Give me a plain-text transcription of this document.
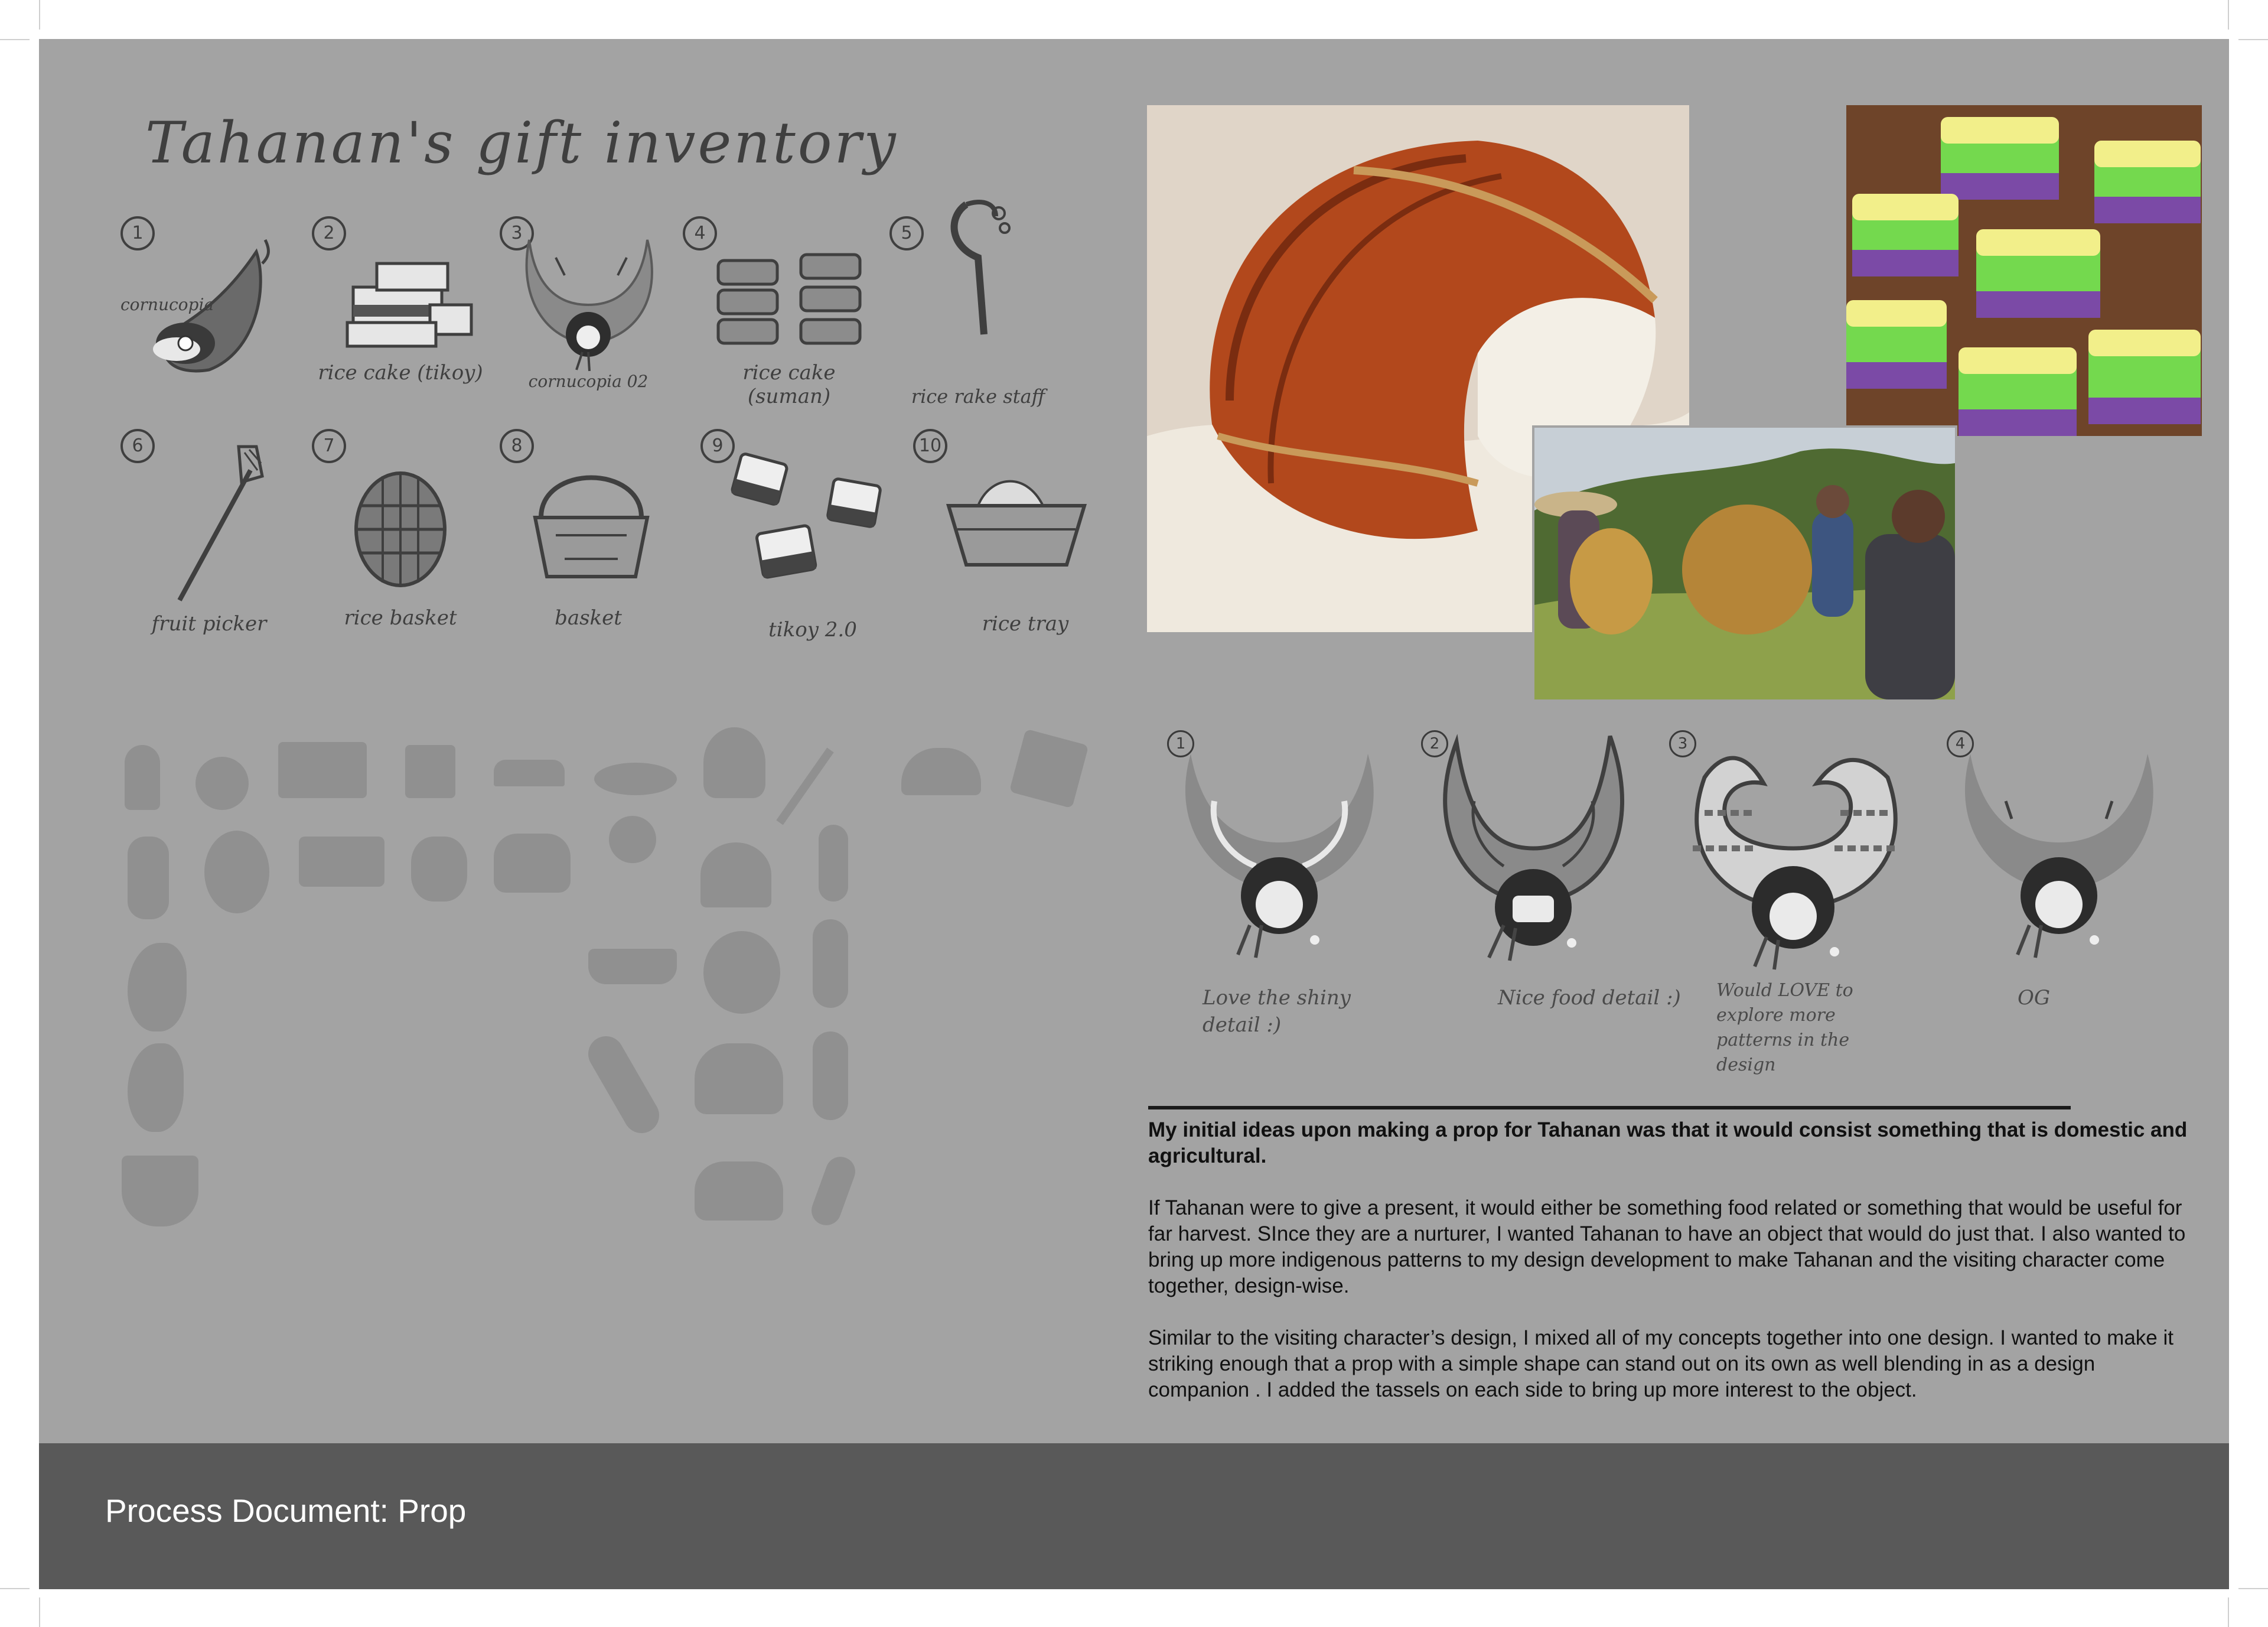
Tahanan's gift inventory
1
cornucopia
2
rice cake (tikoy)
3
cornucopia 02
4
rice cake (suman)
5
rice rake staff
6
fruit picker
7
rice basket
8
basket
9
tikoy 2.0
10
rice tray
1
Love the shiny detail :)
2
Nice food detail :)
3
Would LOVE to explore more patterns in the design
4
OG

My initial ideas upon making a prop for Tahanan was that it would consist something that is domestic and agricultural.

If Tahanan were to give a present, it would either be something food related or something that would be useful for far harvest. SInce they are a nurturer, I wanted Tahanan to have an object that would do just that. I also wanted to bring up more indigenous patterns to my design development to make Tahanan and the visiting character come together, design-wise.

Similar to the visiting character’s design, I mixed all of my concepts together into one design. I wanted to make it striking enough that a prop with a simple shape can stand out on its own as well blending in as a design companion . I added the tassels on each side to bring up more interest to the object.

Process Document: Prop
